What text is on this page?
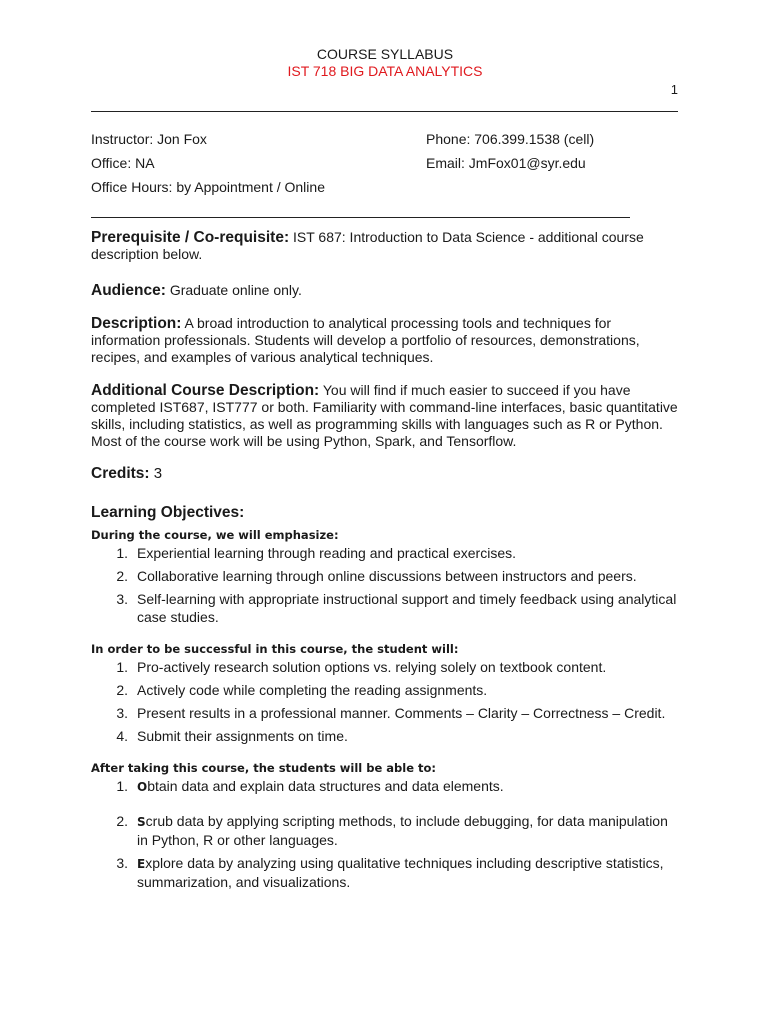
COURSE SYLLABUS
IST 718 BIG DATA ANALYTICS
1
Instructor: Jon Fox	Phone: 706.399.1538 (cell)
Office: NA	Email: JmFox01@syr.edu
Office Hours: by Appointment / Online

Prerequisite / Co-requisite: IST 687: Introduction to Data Science - additional course description below.

Audience: Graduate online only.

Description: A broad introduction to analytical processing tools and techniques for information professionals. Students will develop a portfolio of resources, demonstrations, recipes, and examples of various analytical techniques.

Additional Course Description: You will find if much easier to succeed if you have completed IST687, IST777 or both. Familiarity with command-line interfaces, basic quantitative skills, including statistics, as well as programming skills with languages such as R or Python. Most of the course work will be using Python, Spark, and Tensorflow.

Credits: 3

Learning Objectives:
During the course, we will emphasize:
1. Experiential learning through reading and practical exercises.
2. Collaborative learning through online discussions between instructors and peers.
3. Self-learning with appropriate instructional support and timely feedback using analytical case studies.
In order to be successful in this course, the student will:
1. Pro-actively research solution options vs. relying solely on textbook content.
2. Actively code while completing the reading assignments.
3. Present results in a professional manner. Comments – Clarity – Correctness – Credit.
4. Submit their assignments on time.
After taking this course, the students will be able to:
1. Obtain data and explain data structures and data elements.
2. Scrub data by applying scripting methods, to include debugging, for data manipulation in Python, R or other languages.
3. Explore data by analyzing using qualitative techniques including descriptive statistics, summarization, and visualizations.
